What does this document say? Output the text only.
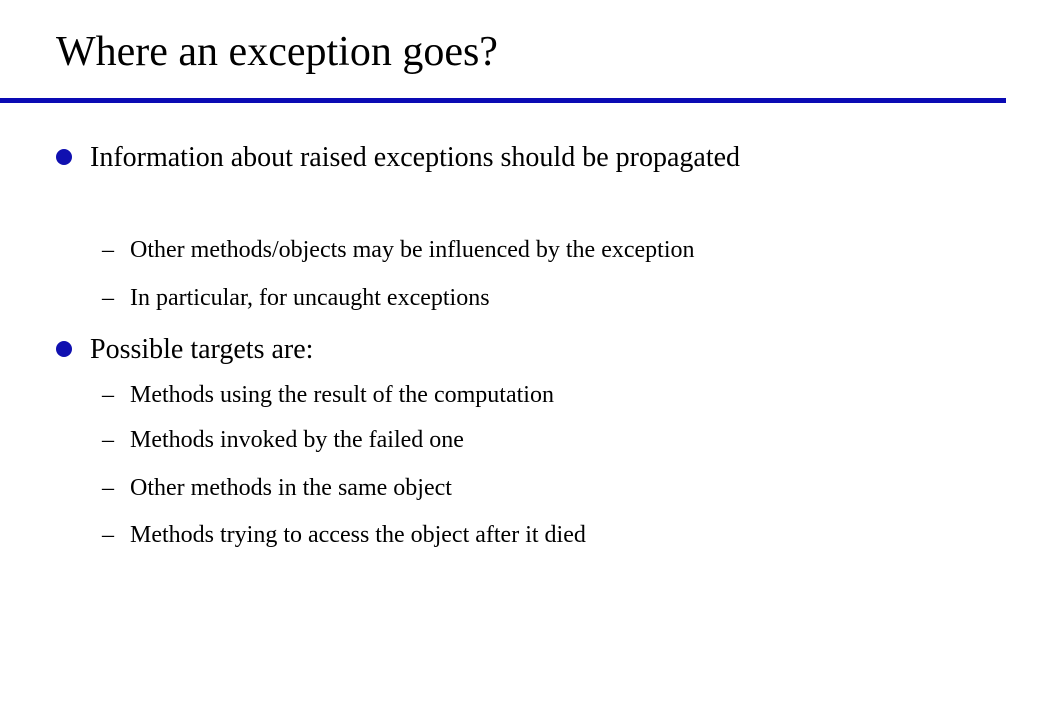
Where an exception goes?
Information about raised exceptions should be propagated
– Other methods/objects may be influenced by the exception
– In particular, for uncaught exceptions
Possible targets are:
– Methods using the result of the computation
– Methods invoked by the failed one
– Other methods in the same object
– Methods trying to access the object after it died
